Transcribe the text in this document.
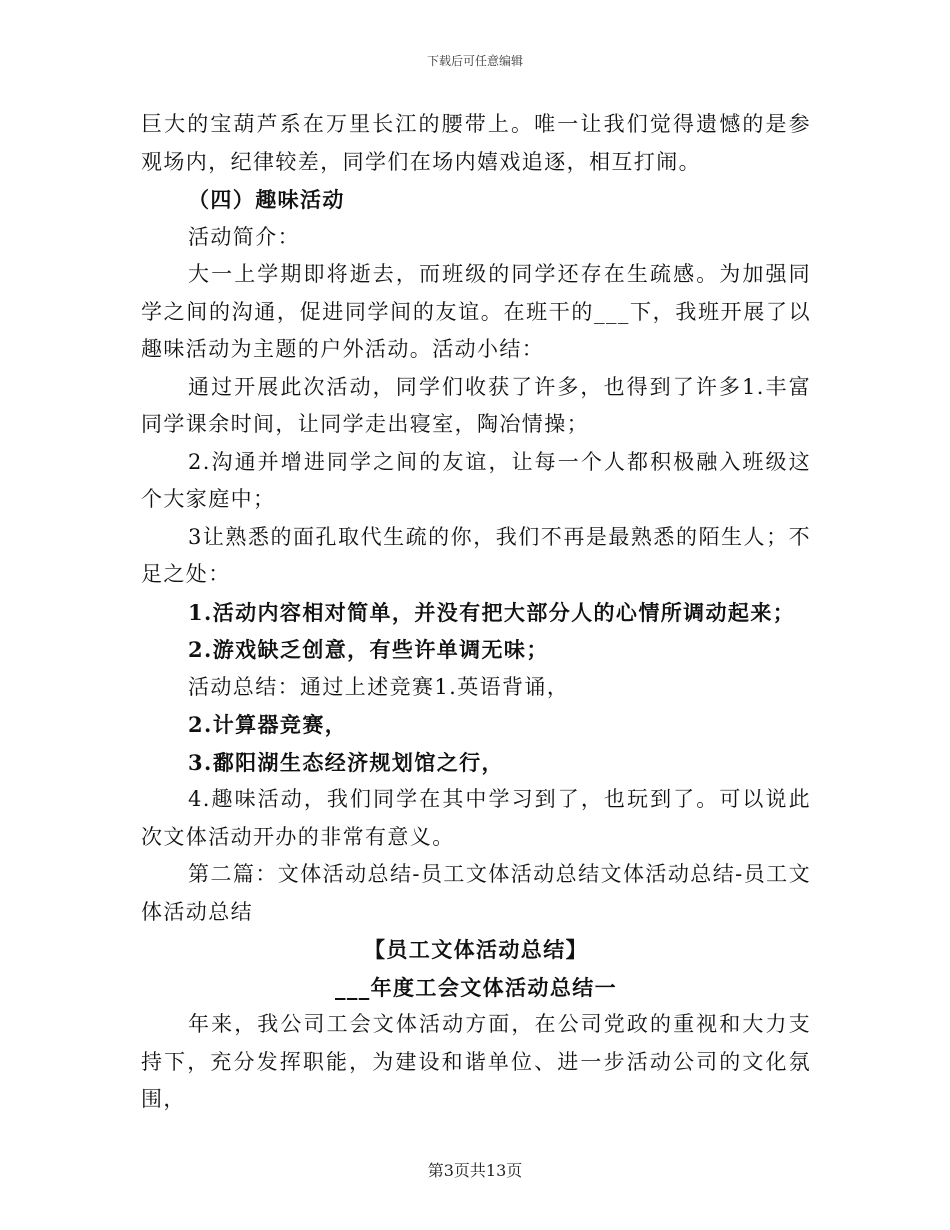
下载后可任意编辑

巨大的宝葫芦系在万里长江的腰带上。唯一让我们觉得遗憾的是参观场内，纪律较差，同学们在场内嬉戏追逐，相互打闹。

（四）趣味活动

活动简介：

大一上学期即将逝去，而班级的同学还存在生疏感。为加强同学之间的沟通，促进同学间的友谊。在班干的___下，我班开展了以趣味活动为主题的户外活动。活动小结：

通过开展此次活动，同学们收获了许多，也得到了许多1.丰富同学课余时间，让同学走出寝室，陶冶情操；

2.沟通并增进同学之间的友谊，让每一个人都积极融入班级这个大家庭中；

3让熟悉的面孔取代生疏的你，我们不再是最熟悉的陌生人；不足之处：

1.活动内容相对简单，并没有把大部分人的心情所调动起来；

2.游戏缺乏创意，有些许单调无味；

活动总结：通过上述竞赛1.英语背诵，

2.计算器竞赛，

3.鄱阳湖生态经济规划馆之行，

4.趣味活动，我们同学在其中学习到了，也玩到了。可以说此次文体活动开办的非常有意义。

第二篇：文体活动总结-员工文体活动总结文体活动总结-员工文体活动总结

【员工文体活动总结】

___年度工会文体活动总结一

年来，我公司工会文体活动方面，在公司党政的重视和大力支持下，充分发挥职能，为建设和谐单位、进一步活动公司的文化氛围，

第3页共13页
